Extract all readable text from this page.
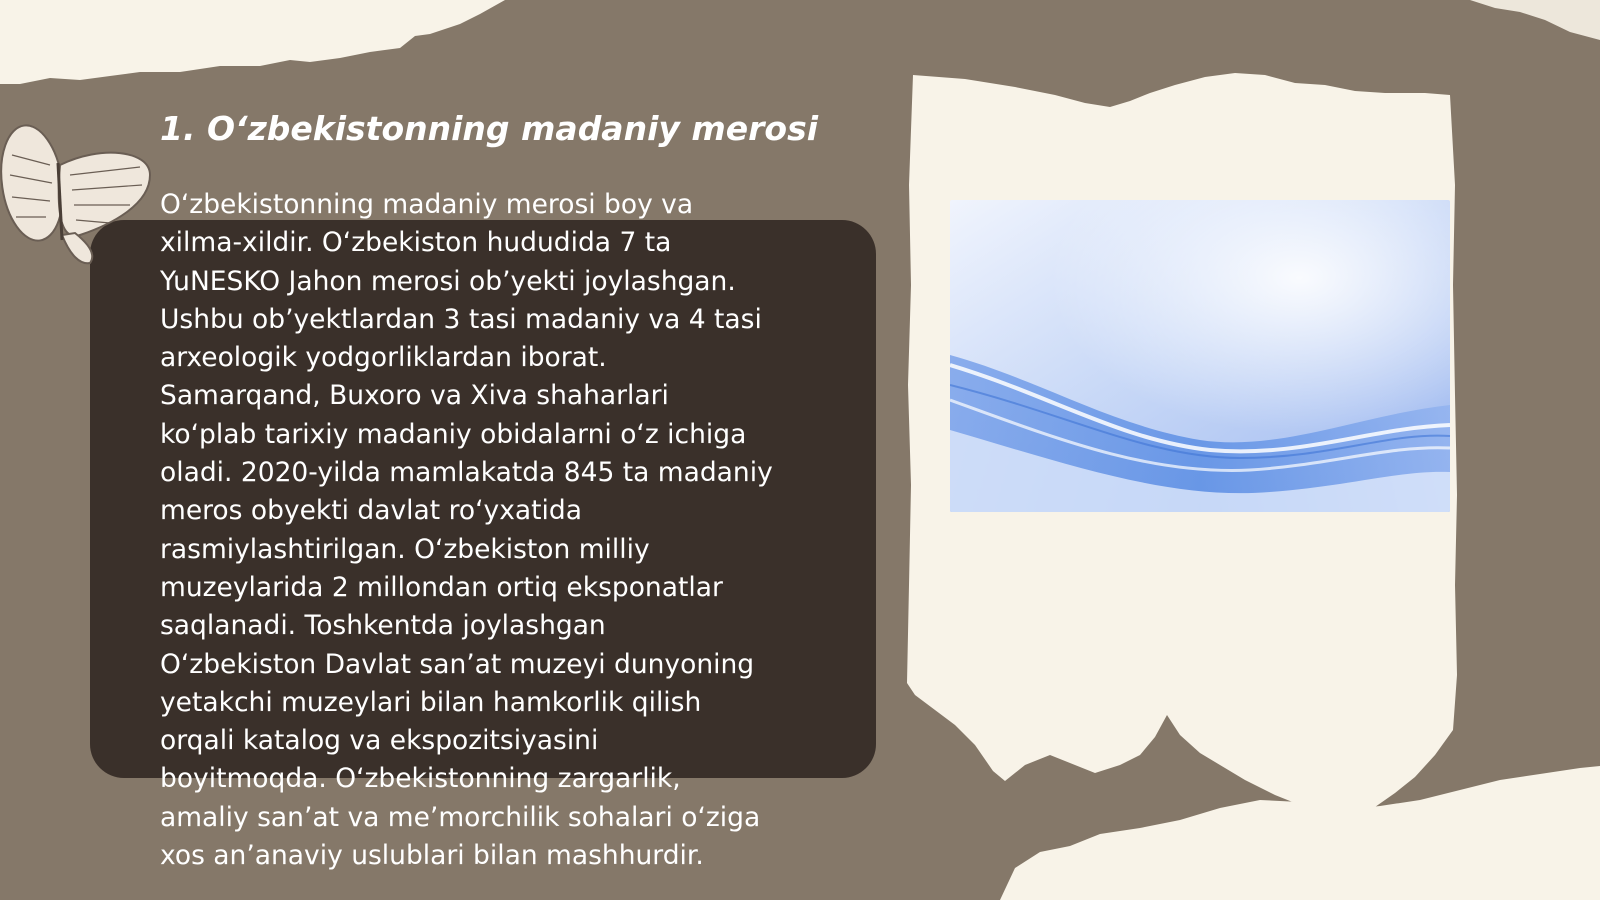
1. O‘zbekistonning madaniy merosi

O‘zbekistonning madaniy merosi boy va
xilma-xildir. O‘zbekiston hududida 7 ta
YuNESKO Jahon merosi ob’yekti joylashgan.
Ushbu ob’yektlardan 3 tasi madaniy va 4 tasi
arxeologik yodgorliklardan iborat.
Samarqand, Buxoro va Xiva shaharlari
ko‘plab tarixiy madaniy obidalarni o‘z ichiga
oladi. 2020-yilda mamlakatda 845 ta madaniy
meros obyekti davlat ro‘yxatida
rasmiylashtirilgan. O‘zbekiston milliy
muzeylarida 2 millondan ortiq eksponatlar
saqlanadi. Toshkentda joylashgan
O‘zbekiston Davlat san’at muzeyi dunyoning
yetakchi muzeylari bilan hamkorlik qilish
orqali katalog va ekspozitsiyasini
boyitmoqda. O‘zbekistonning zargarlik,
amaliy san’at va me’morchilik sohalari o‘ziga
xos an’anaviy uslublari bilan mashhurdir.
